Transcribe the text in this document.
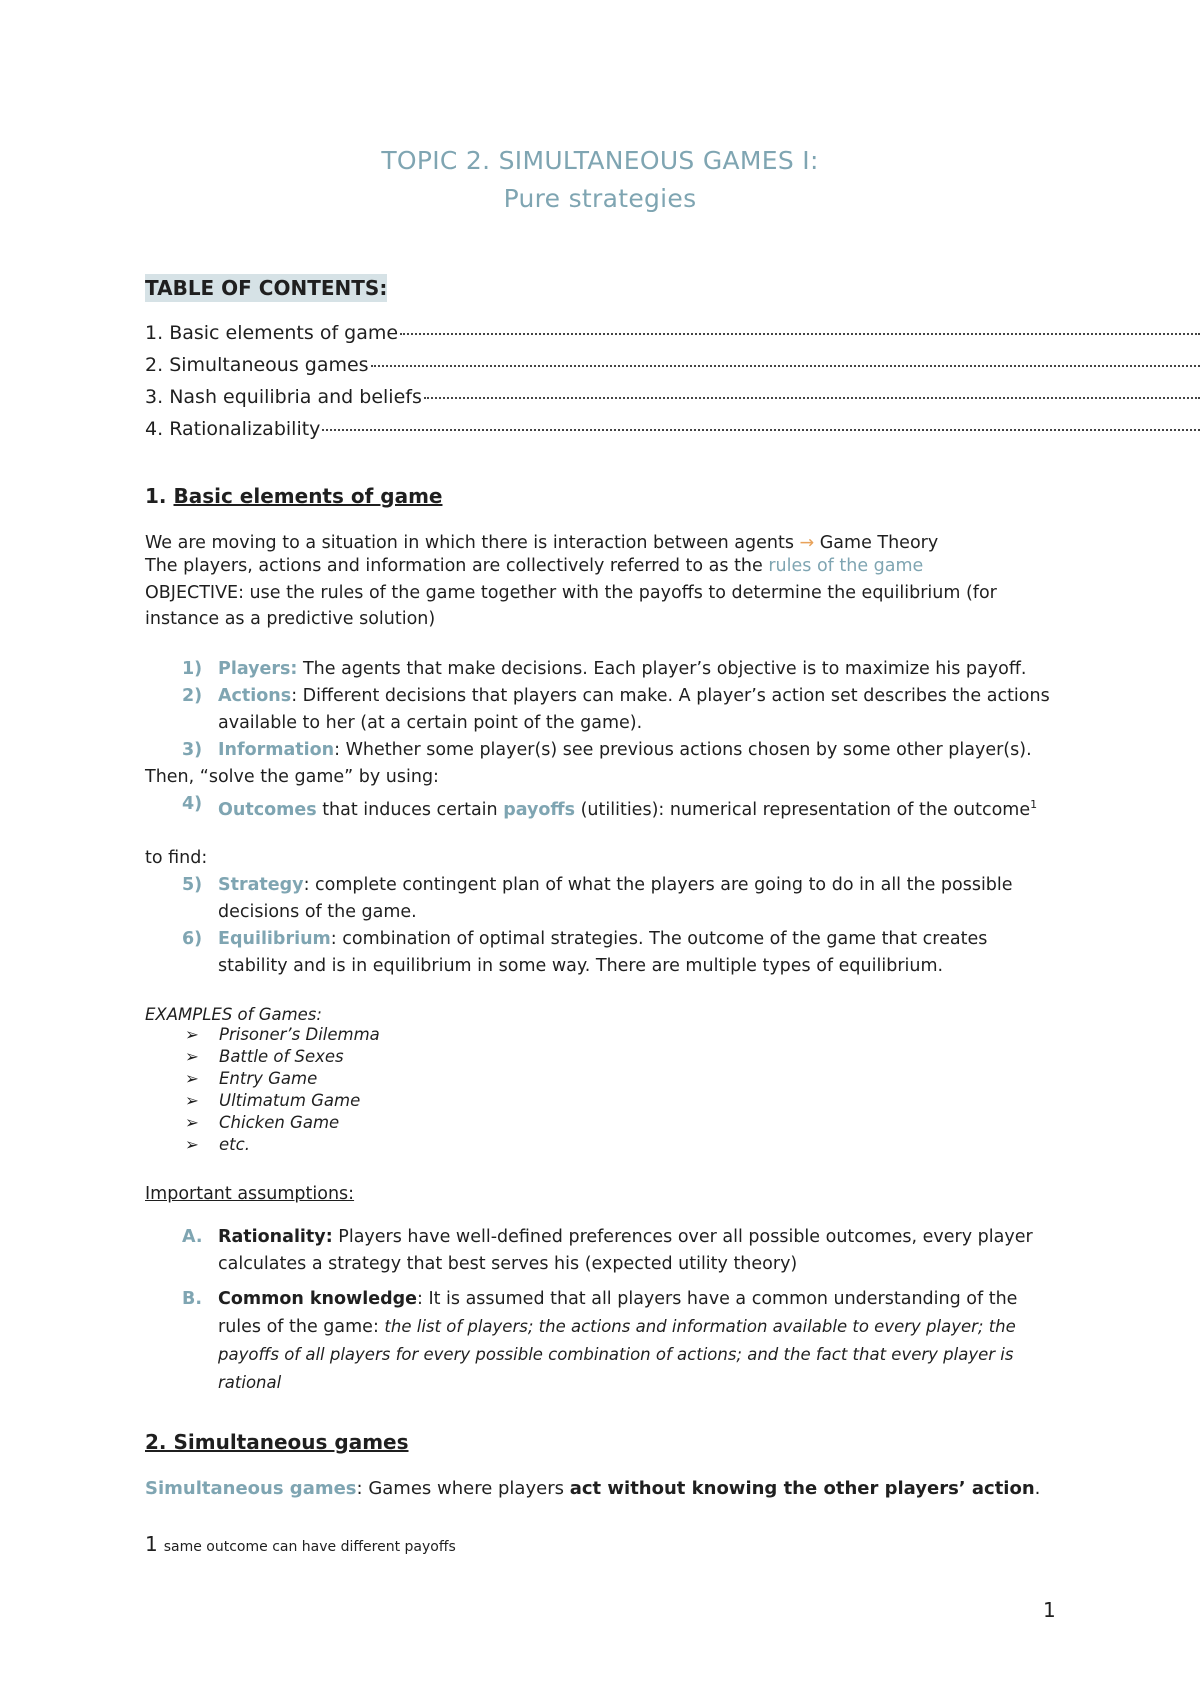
TOPIC 2. SIMULTANEOUS GAMES I:
Pure strategies
TABLE OF CONTENTS:
1.
Basic elements of game
2.
Simultaneous games
3.
Nash equilibria and beliefs
4.
Rationalizability
1. Basic elements of game
We are moving to a situation in which there is interaction between agents → Game Theory
The players, actions and information are collectively referred to as the rules of the game
OBJECTIVE: use the rules of the game together with the payoffs to determine the equilibrium (for instance as a predictive solution)
1) Players: The agents that make decisions. Each player’s objective is to maximize his payoff.
2) Actions: Different decisions that players can make. A player’s action set describes the actions available to her (at a certain point of the game).
3) Information: Whether some player(s) see previous actions chosen by some other player(s).
Then, “solve the game” by using:
4) Outcomes that induces certain payoffs (utilities): numerical representation of the outcome$^1$
to find:
5) Strategy: complete contingent plan of what the players are going to do in all the possible decisions of the game.
6) Equilibrium: combination of optimal strategies. The outcome of the game that creates stability and is in equilibrium in some way. There are multiple types of equilibrium.
EXAMPLES of Games:
➢ Prisoner’s Dilemma
➢ Battle of Sexes
➢ Entry Game
➢ Ultimatum Game
➢ Chicken Game
➢ etc.
Important assumptions:
A. Rationality: Players have well-defined preferences over all possible outcomes, every player calculates a strategy that best serves his (expected utility theory)
B. Common knowledge: It is assumed that all players have a common understanding of the rules of the game: the list of players; the actions and information available to every player; the payoffs of all players for every possible combination of actions; and the fact that every player is rational
2. Simultaneous games
Simultaneous games: Games where players act without knowing the other players’ action.
1 same outcome can have different payoffs
1
